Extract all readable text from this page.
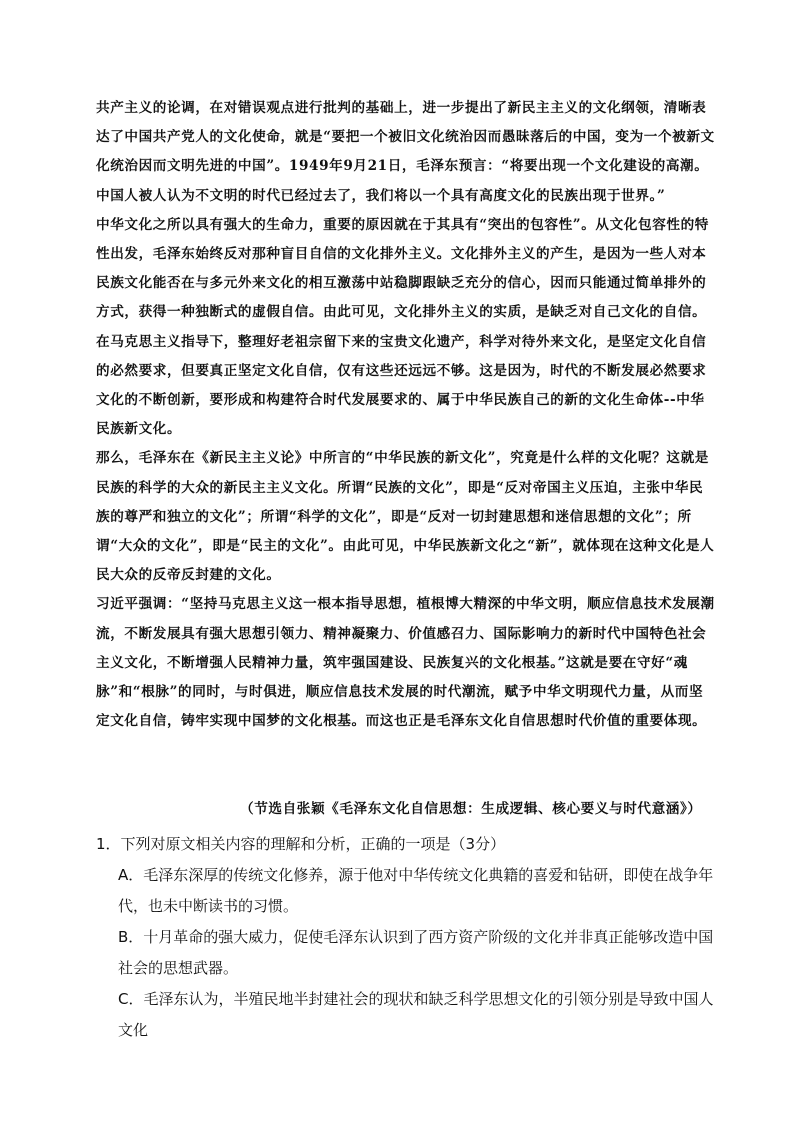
共产主义的论调，在对错误观点进行批判的基础上，进一步提出了新民主主义的文化纲领，清晰表达了中国共产党人的文化使命，就是“要把一个被旧文化统治因而愚昧落后的中国，变为一个被新文化统治因而文明先进的中国”。1949年9月21日，毛泽东预言：“将要出现一个文化建设的高潮。中国人被人认为不文明的时代已经过去了，我们将以一个具有高度文化的民族出现于世界。”

中华文化之所以具有强大的生命力，重要的原因就在于其具有“突出的包容性”。从文化包容性的特性出发，毛泽东始终反对那种盲目自信的文化排外主义。文化排外主义的产生，是因为一些人对本民族文化能否在与多元外来文化的相互激荡中站稳脚跟缺乏充分的信心，因而只能通过简单排外的方式，获得一种独断式的虚假自信。由此可见，文化排外主义的实质，是缺乏对自己文化的自信。在马克思主义指导下，整理好老祖宗留下来的宝贵文化遗产，科学对待外来文化，是坚定文化自信的必然要求，但要真正坚定文化自信，仅有这些还远远不够。这是因为，时代的不断发展必然要求文化的不断创新，要形成和构建符合时代发展要求的、属于中华民族自己的新的文化生命体--中华民族新文化。

那么，毛泽东在《新民主主义论》中所言的“中华民族的新文化”，究竟是什么样的文化呢？这就是民族的科学的大众的新民主主义文化。所谓“民族的文化”，即是“反对帝国主义压迫，主张中华民族的尊严和独立的文化”；所谓“科学的文化”，即是“反对一切封建思想和迷信思想的文化”；所谓“大众的文化”，即是“民主的文化”。由此可见，中华民族新文化之“新”，就体现在这种文化是人民大众的反帝反封建的文化。

习近平强调：“坚持马克思主义这一根本指导思想，植根博大精深的中华文明，顺应信息技术发展潮流，不断发展具有强大思想引领力、精神凝聚力、价值感召力、国际影响力的新时代中国特色社会主义文化，不断增强人民精神力量，筑牢强国建设、民族复兴的文化根基。”这就是要在守好“魂脉”和“根脉”的同时，与时俱进，顺应信息技术发展的时代潮流，赋予中华文明现代力量，从而坚定文化自信，铸牢实现中国梦的文化根基。而这也正是毛泽东文化自信思想时代价值的重要体现。

（节选自张颖《毛泽东文化自信思想：生成逻辑、核心要义与时代意涵》）

1．下列对原文相关内容的理解和分析，正确的一项是（3分）

A．毛泽东深厚的传统文化修养，源于他对中华传统文化典籍的喜爱和钻研，即使在战争年代，也未中断读书的习惯。

B．十月革命的强大威力，促使毛泽东认识到了西方资产阶级的文化并非真正能够改造中国社会的思想武器。

C．毛泽东认为，半殖民地半封建社会的现状和缺乏科学思想文化的引领分别是导致中国人文化
